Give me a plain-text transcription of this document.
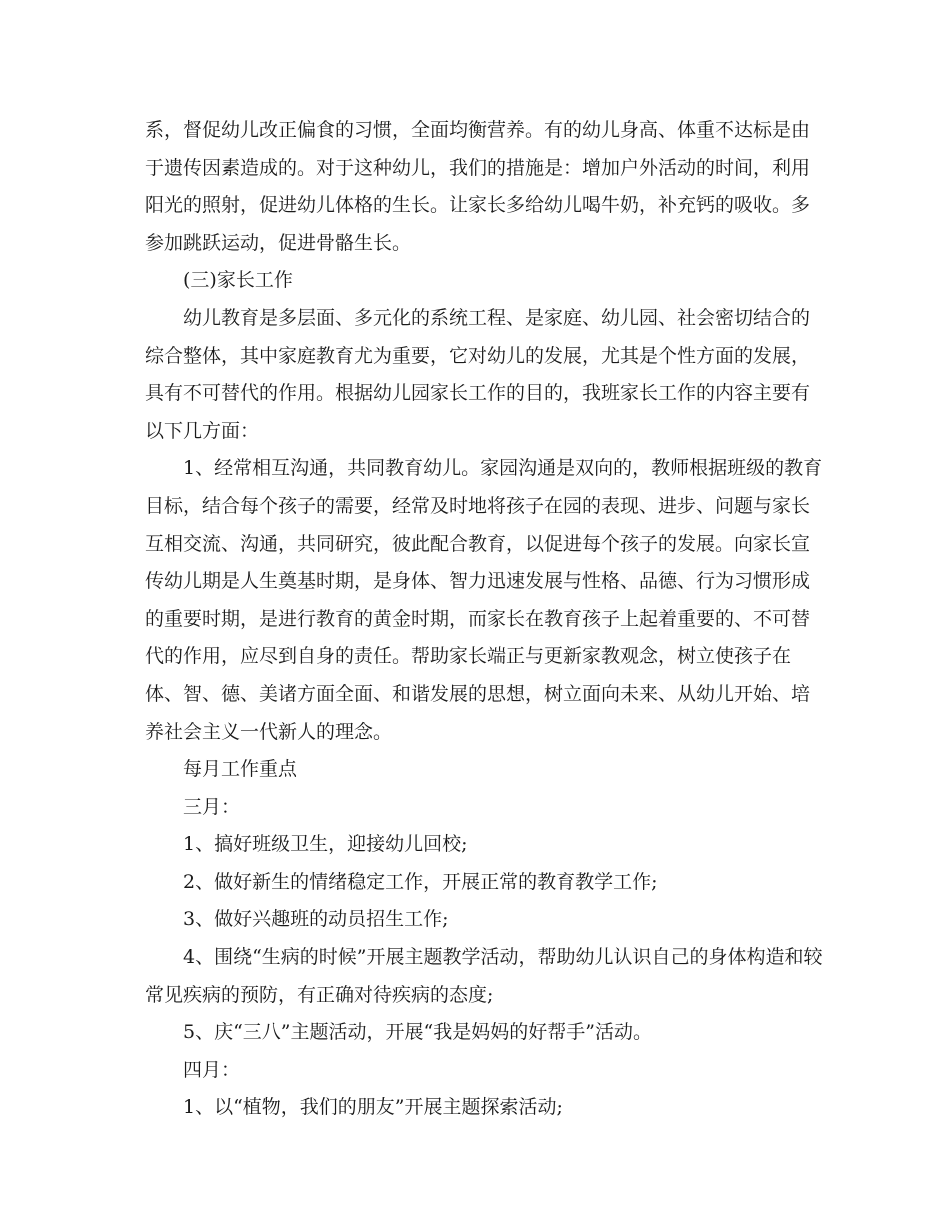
系，督促幼儿改正偏食的习惯，全面均衡营养。有的幼儿身高、体重不达标是由
于遗传因素造成的。对于这种幼儿，我们的措施是：增加户外活动的时间，利用
阳光的照射，促进幼儿体格的生长。让家长多给幼儿喝牛奶，补充钙的吸收。多
参加跳跃运动，促进骨骼生长。
(三)家长工作
幼儿教育是多层面、多元化的系统工程、是家庭、幼儿园、社会密切结合的
综合整体，其中家庭教育尤为重要，它对幼儿的发展，尤其是个性方面的发展，
具有不可替代的作用。根据幼儿园家长工作的目的，我班家长工作的内容主要有
以下几方面：
1、经常相互沟通，共同教育幼儿。家园沟通是双向的，教师根据班级的教育
目标，结合每个孩子的需要，经常及时地将孩子在园的表现、进步、问题与家长
互相交流、沟通，共同研究，彼此配合教育，以促进每个孩子的发展。向家长宣
传幼儿期是人生奠基时期，是身体、智力迅速发展与性格、品德、行为习惯形成
的重要时期，是进行教育的黄金时期，而家长在教育孩子上起着重要的、不可替
代的作用，应尽到自身的责任。帮助家长端正与更新家教观念，树立使孩子在
体、智、德、美诸方面全面、和谐发展的思想，树立面向未来、从幼儿开始、培
养社会主义一代新人的理念。
每月工作重点
三月：
1、搞好班级卫生，迎接幼儿回校;
2、做好新生的情绪稳定工作，开展正常的教育教学工作;
3、做好兴趣班的动员招生工作;
4、围绕“生病的时候”开展主题教学活动，帮助幼儿认识自己的身体构造和较
常见疾病的预防，有正确对待疾病的态度;
5、庆“三八”主题活动，开展“我是妈妈的好帮手”活动。
四月：
1、以“植物，我们的朋友”开展主题探索活动;
